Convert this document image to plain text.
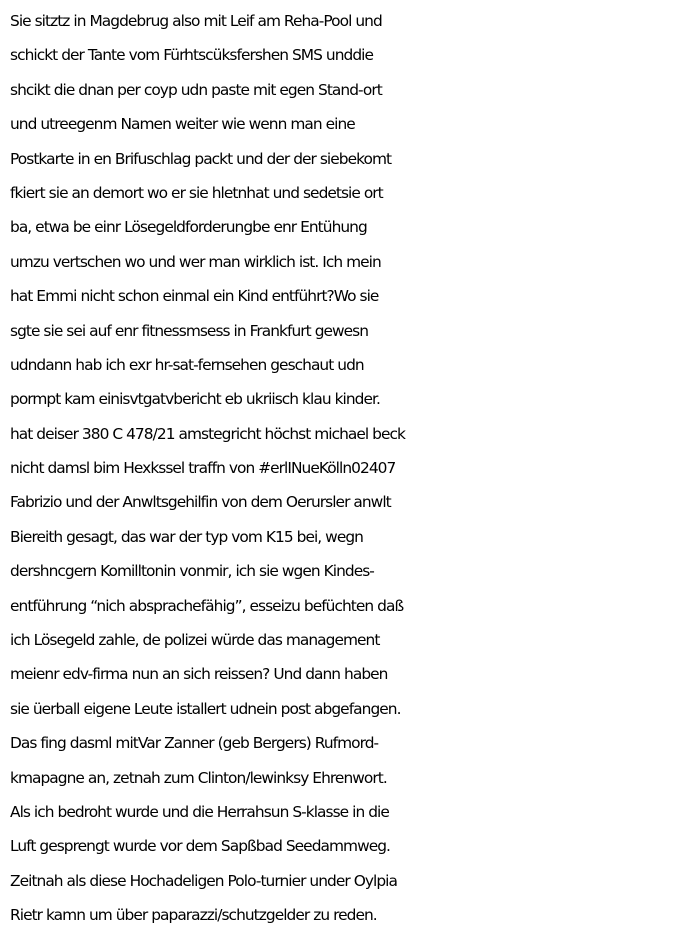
Sie sitztz in Magdebrug also mit Leif am Reha-Pool und
schickt der Tante vom Fürhtscüksfershen SMS unddie
shcikt die dnan per coyp udn paste mit egen Stand-ort
und utreegenm Namen weiter wie wenn man eine
Postkarte in en Brifuschlag packt und der der siebekomt
fkiert sie an demort wo er sie hletnhat und sedetsie ort
ba, etwa be einr Lösegeldforderungbe enr Entühung
umzu vertschen wo und wer man wirklich ist. Ich mein
hat Emmi nicht schon einmal ein Kind entführt?Wo sie
sgte sie sei auf enr fitnessmsess in Frankfurt gewesn
udndann hab ich exr hr-sat-fernsehen geschaut udn
pormpt kam einisvtgatvbericht eb ukriisch klau kinder.
hat deiser 380 C 478/21 amstegricht höchst michael beck
nicht damsl bim Hexkssel traffn von #erlINueKölln02407
Fabrizio und der Anwltsgehilfin von dem Oerursler anwlt
Biereith gesagt, das war der typ vom K15 bei, wegn
dershncgern Komilltonin vonmir, ich sie wgen Kindes-
entführung “nich absprachefähig”, esseizu befüchten daß
ich Lösegeld zahle, de polizei würde das management
meienr edv-firma nun an sich reissen? Und dann haben
sie üerball eigene Leute istallert udnein post abgefangen.
Das fing dasml mitVar Zanner (geb Bergers) Rufmord-
kmapagne an, zetnah zum Clinton/lewinksy Ehrenwort.
Als ich bedroht wurde und die Herrahsun S-klasse in die
Luft gesprengt wurde vor dem Sapßbad Seedammweg.
Zeitnah als diese Hochadeligen Polo-turnier under Oylpia
Rietr kamn um über paparazzi/schutzgelder zu reden.
